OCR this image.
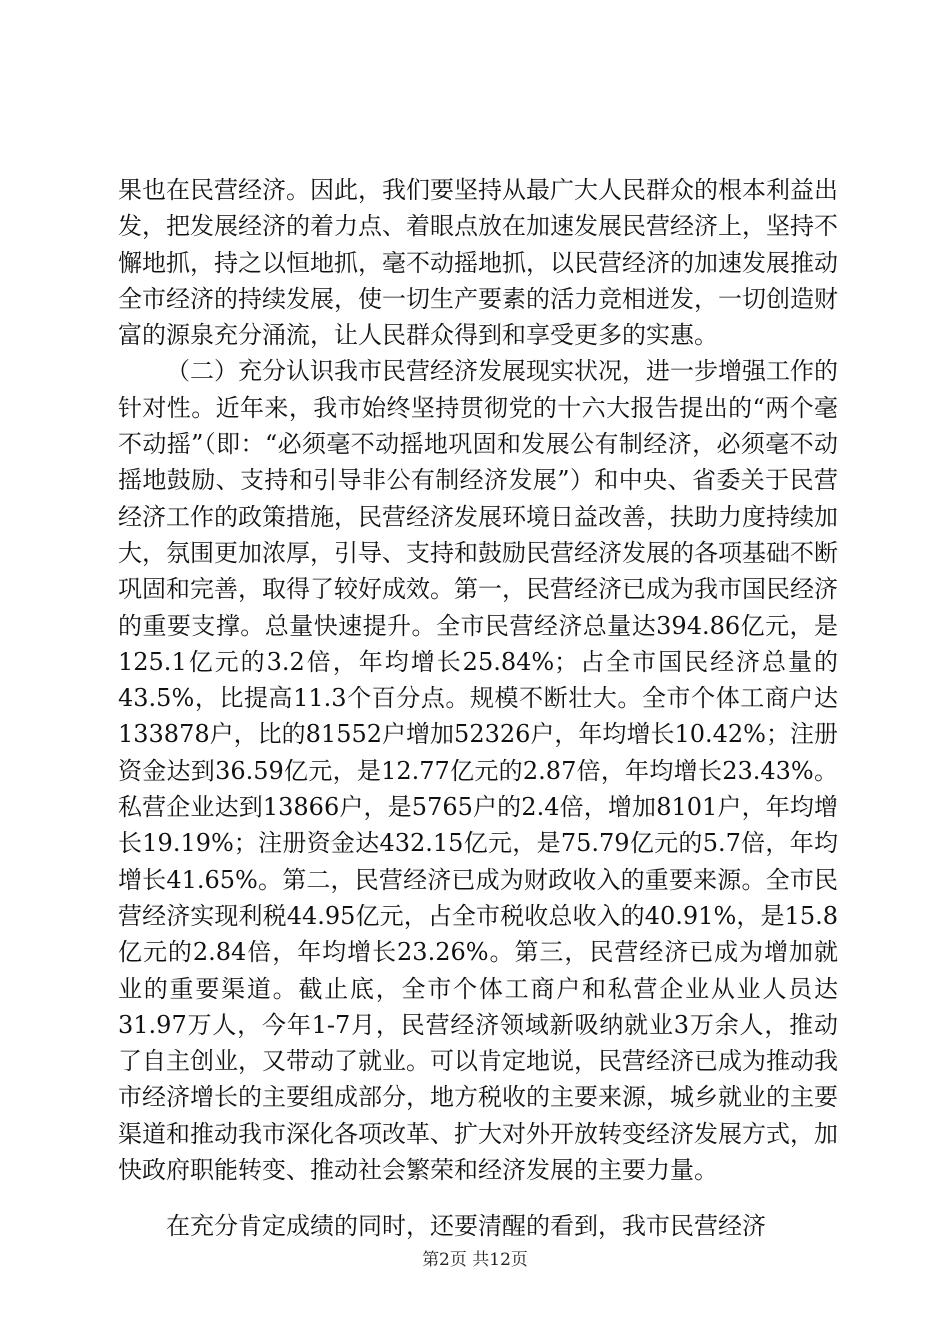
果也在民营经济。因此，我们要坚持从最广大人民群众的根本利益出发，把发展经济的着力点、着眼点放在加速发展民营经济上，坚持不懈地抓，持之以恒地抓，毫不动摇地抓，以民营经济的加速发展推动全市经济的持续发展，使一切生产要素的活力竞相迸发，一切创造财富的源泉充分涌流，让人民群众得到和享受更多的实惠。

（二）充分认识我市民营经济发展现实状况，进一步增强工作的针对性。近年来，我市始终坚持贯彻党的十六大报告提出的“两个毫不动摇”（即：“必须毫不动摇地巩固和发展公有制经济，必须毫不动摇地鼓励、支持和引导非公有制经济发展”）和中央、省委关于民营经济工作的政策措施，民营经济发展环境日益改善，扶助力度持续加大，氛围更加浓厚，引导、支持和鼓励民营经济发展的各项基础不断巩固和完善，取得了较好成效。第一，民营经济已成为我市国民经济的重要支撑。总量快速提升。全市民营经济总量达394.86亿元，是125.1亿元的3.2倍，年均增长25.84%；占全市国民经济总量的43.5%，比提高11.3个百分点。规模不断壮大。全市个体工商户达133878户，比的81552户增加52326户，年均增长10.42%；注册资金达到36.59亿元，是12.77亿元的2.87倍，年均增长23.43%。私营企业达到13866户，是5765户的2.4倍，增加8101户，年均增长19.19%；注册资金达432.15亿元，是75.79亿元的5.7倍，年均增长41.65%。第二，民营经济已成为财政收入的重要来源。全市民营经济实现利税44.95亿元，占全市税收总收入的40.91%，是15.8亿元的2.84倍，年均增长23.26%。第三，民营经济已成为增加就业的重要渠道。截止底，全市个体工商户和私营企业从业人员达31.97万人，今年1-7月，民营经济领域新吸纳就业3万余人，推动了自主创业，又带动了就业。可以肯定地说，民营经济已成为推动我市经济增长的主要组成部分，地方税收的主要来源，城乡就业的主要渠道和推动我市深化各项改革、扩大对外开放转变经济发展方式，加快政府职能转变、推动社会繁荣和经济发展的主要力量。

在充分肯定成绩的同时，还要清醒的看到，我市民营经济

第2页 共12页
